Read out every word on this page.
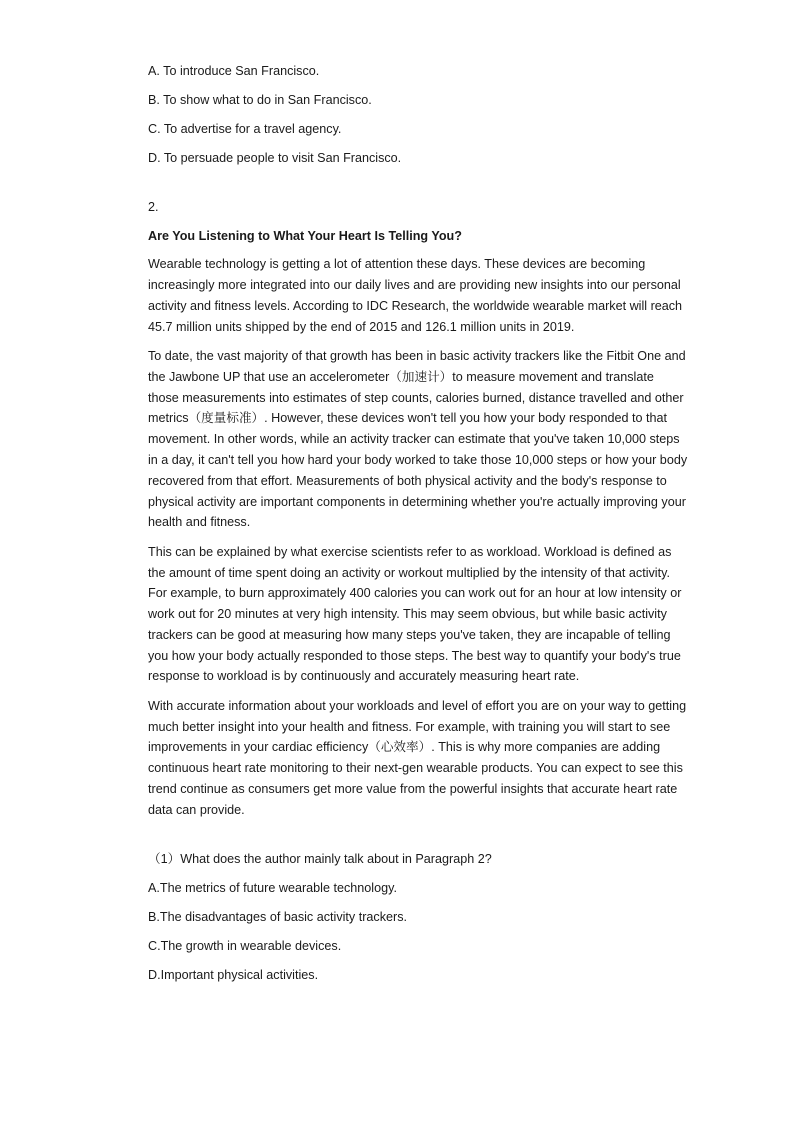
A. To introduce San Francisco.

B. To show what to do in San Francisco.

C. To advertise for a travel agency.

D. To persuade people to visit San Francisco.

2.

Are You Listening to What Your Heart Is Telling You?

Wearable technology is getting a lot of attention these days. These devices are becoming increasingly more integrated into our daily lives and are providing new insights into our personal activity and fitness levels. According to IDC Research, the worldwide wearable market will reach 45.7 million units shipped by the end of 2015 and 126.1 million units in 2019.

To date, the vast majority of that growth has been in basic activity trackers like the Fitbit One and the Jawbone UP that use an accelerometer（加速计）to measure movement and translate those measurements into estimates of step counts, calories burned, distance travelled and other metrics（度量标准）. However, these devices won't tell you how your body responded to that movement. In other words, while an activity tracker can estimate that you've taken 10,000 steps in a day, it can't tell you how hard your body worked to take those 10,000 steps or how your body recovered from that effort. Measurements of both physical activity and the body's response to physical activity are important components in determining whether you're actually improving your health and fitness.

This can be explained by what exercise scientists refer to as workload. Workload is defined as the amount of time spent doing an activity or workout multiplied by the intensity of that activity. For example, to burn approximately 400 calories you can work out for an hour at low intensity or work out for 20 minutes at very high intensity. This may seem obvious, but while basic activity trackers can be good at measuring how many steps you've taken, they are incapable of telling you how your body actually responded to those steps. The best way to quantify your body's true response to workload is by continuously and accurately measuring heart rate.

With accurate information about your workloads and level of effort you are on your way to getting much better insight into your health and fitness. For example, with training you will start to see improvements in your cardiac efficiency（心效率）. This is why more companies are adding continuous heart rate monitoring to their next-gen wearable products. You can expect to see this trend continue as consumers get more value from the powerful insights that accurate heart rate data can provide.

（1）What does the author mainly talk about in Paragraph 2?

A.The metrics of future wearable technology.

B.The disadvantages of basic activity trackers.

C.The growth in wearable devices.

D.Important physical activities.
